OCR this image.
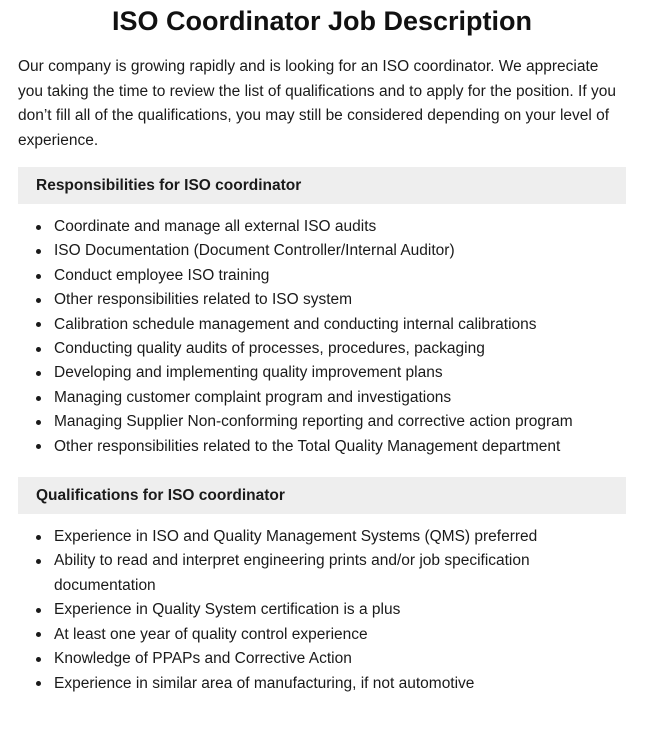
ISO Coordinator Job Description

Our company is growing rapidly and is looking for an ISO coordinator. We appreciate you taking the time to review the list of qualifications and to apply for the position. If you don’t fill all of the qualifications, you may still be considered depending on your level of experience.

Responsibilities for ISO coordinator
Coordinate and manage all external ISO audits
ISO Documentation (Document Controller/Internal Auditor)
Conduct employee ISO training
Other responsibilities related to ISO system
Calibration schedule management and conducting internal calibrations
Conducting quality audits of processes, procedures, packaging
Developing and implementing quality improvement plans
Managing customer complaint program and investigations
Managing Supplier Non-conforming reporting and corrective action program
Other responsibilities related to the Total Quality Management department
Qualifications for ISO coordinator
Experience in ISO and Quality Management Systems (QMS) preferred
Ability to read and interpret engineering prints and/or job specification documentation
Experience in Quality System certification is a plus
At least one year of quality control experience
Knowledge of PPAPs and Corrective Action
Experience in similar area of manufacturing, if not automotive
